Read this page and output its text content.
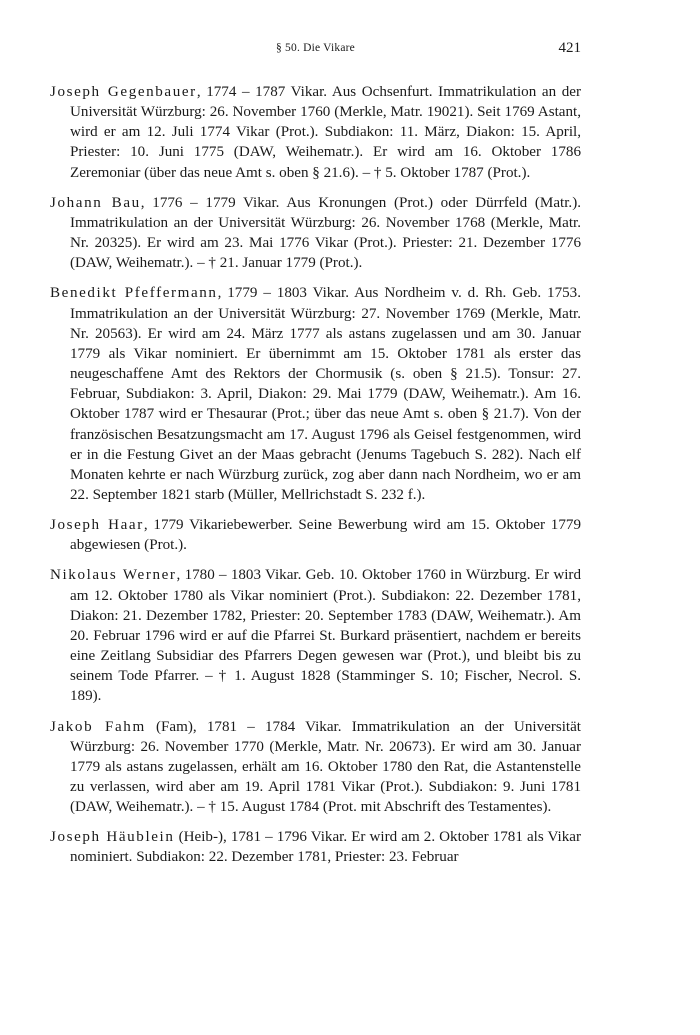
§ 50. Die Vikare	421

Joseph Gegenbauer, 1774 – 1787 Vikar. Aus Ochsenfurt. Immatrikulation an der Universität Würzburg: 26. November 1760 (Merkle, Matr. 19021). Seit 1769 Astant, wird er am 12. Juli 1774 Vikar (Prot.). Subdiakon: 11. März, Diakon: 15. April, Priester: 10. Juni 1775 (DAW, Weihematr.). Er wird am 16. Oktober 1786 Zeremoniar (über das neue Amt s. oben § 21.6). – † 5. Oktober 1787 (Prot.).

Johann Bau, 1776 – 1779 Vikar. Aus Kronungen (Prot.) oder Dürrfeld (Matr.). Immatrikulation an der Universität Würzburg: 26. November 1768 (Merkle, Matr. Nr. 20325). Er wird am 23. Mai 1776 Vikar (Prot.). Priester: 21. Dezember 1776 (DAW, Weihematr.). – † 21. Januar 1779 (Prot.).

Benedikt Pfeffermann, 1779 – 1803 Vikar. Aus Nordheim v. d. Rh. Geb. 1753. Immatrikulation an der Universität Würzburg: 27. November 1769 (Merkle, Matr. Nr. 20563). Er wird am 24. März 1777 als astans zugelassen und am 30. Januar 1779 als Vikar nominiert. Er übernimmt am 15. Oktober 1781 als erster das neugeschaffene Amt des Rektors der Chormusik (s. oben § 21.5). Tonsur: 27. Februar, Subdiakon: 3. April, Diakon: 29. Mai 1779 (DAW, Weihematr.). Am 16. Oktober 1787 wird er Thesaurar (Prot.; über das neue Amt s. oben § 21.7). Von der französischen Besatzungsmacht am 17. August 1796 als Geisel festgenommen, wird er in die Festung Givet an der Maas gebracht (Jenums Tagebuch S. 282). Nach elf Monaten kehrte er nach Würzburg zurück, zog aber dann nach Nordheim, wo er am 22. September 1821 starb (Müller, Mellrichstadt S. 232 f.).

Joseph Haar, 1779 Vikariebewerber. Seine Bewerbung wird am 15. Oktober 1779 abgewiesen (Prot.).

Nikolaus Werner, 1780 – 1803 Vikar. Geb. 10. Oktober 1760 in Würzburg. Er wird am 12. Oktober 1780 als Vikar nominiert (Prot.). Subdiakon: 22. Dezember 1781, Diakon: 21. Dezember 1782, Priester: 20. September 1783 (DAW, Weihematr.). Am 20. Februar 1796 wird er auf die Pfarrei St. Burkard präsentiert, nachdem er bereits eine Zeitlang Subsidiar des Pfarrers Degen gewesen war (Prot.), und bleibt bis zu seinem Tode Pfarrer. – † 1. August 1828 (Stamminger S. 10; Fischer, Necrol. S. 189).

Jakob Fahm (Fam), 1781 – 1784 Vikar. Immatrikulation an der Universität Würzburg: 26. November 1770 (Merkle, Matr. Nr. 20673). Er wird am 30. Januar 1779 als astans zugelassen, erhält am 16. Oktober 1780 den Rat, die Astantenstelle zu verlassen, wird aber am 19. April 1781 Vikar (Prot.). Subdiakon: 9. Juni 1781 (DAW, Weihematr.). – † 15. August 1784 (Prot. mit Abschrift des Testamentes).

Joseph Häublein (Heib-), 1781 – 1796 Vikar. Er wird am 2. Oktober 1781 als Vikar nominiert. Subdiakon: 22. Dezember 1781, Priester: 23. Februar
